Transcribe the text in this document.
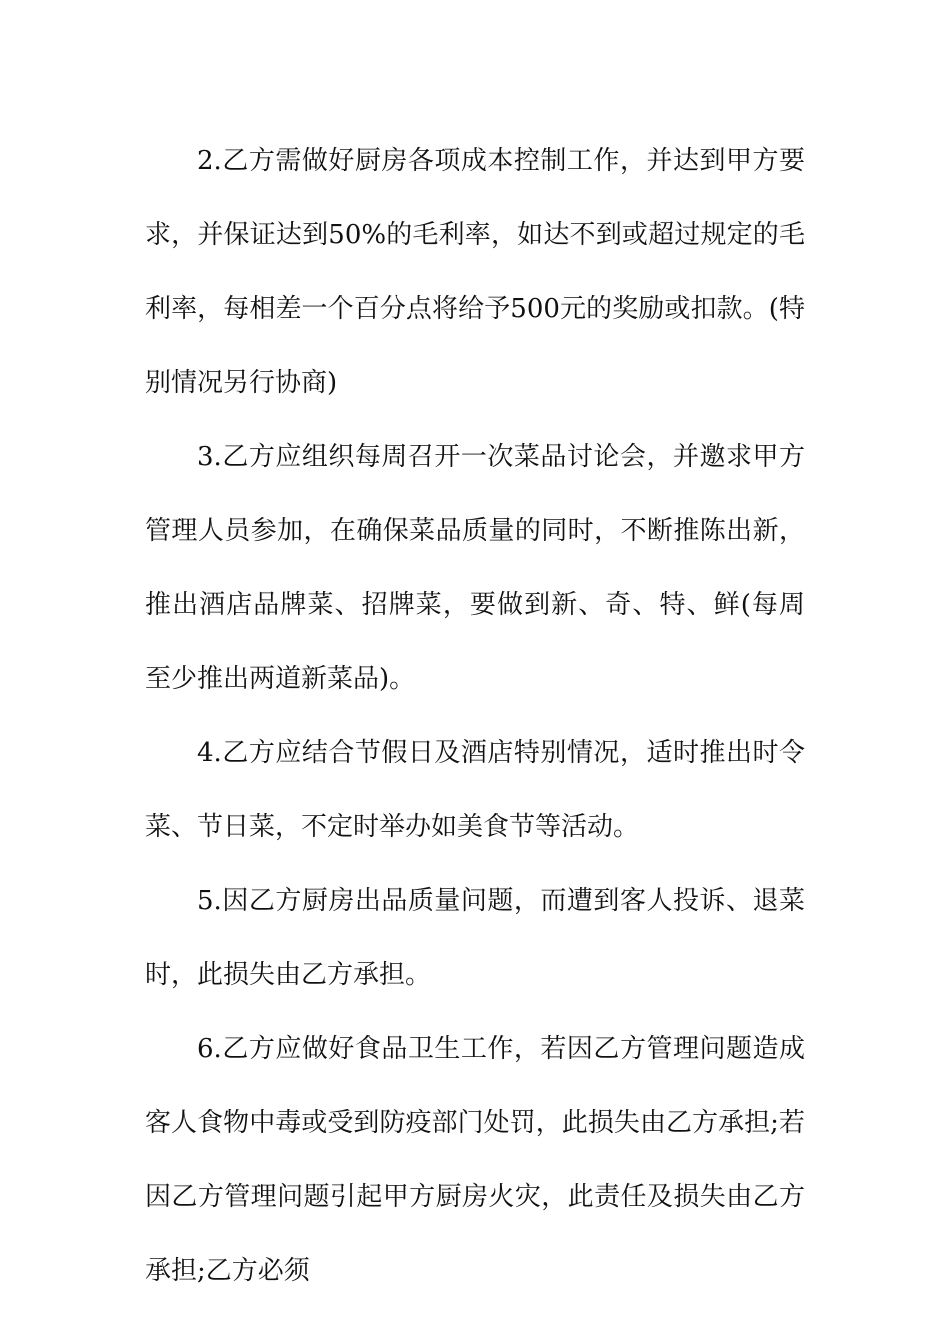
2.乙方需做好厨房各项成本控制工作，并达到甲方要求，并保证达到50%的毛利率，如达不到或超过规定的毛利率，每相差一个百分点将给予500元的奖励或扣款。(特别情况另行协商)

3.乙方应组织每周召开一次菜品讨论会，并邀求甲方管理人员参加，在确保菜品质量的同时，不断推陈出新，推出酒店品牌菜、招牌菜，要做到新、奇、特、鲜(每周至少推出两道新菜品)。

4.乙方应结合节假日及酒店特别情况，适时推出时令菜、节日菜，不定时举办如美食节等活动。

5.因乙方厨房出品质量问题，而遭到客人投诉、退菜时，此损失由乙方承担。

6.乙方应做好食品卫生工作，若因乙方管理问题造成客人食物中毒或受到防疫部门处罚，此损失由乙方承担;若因乙方管理问题引起甲方厨房火灾，此责任及损失由乙方承担;乙方必须
